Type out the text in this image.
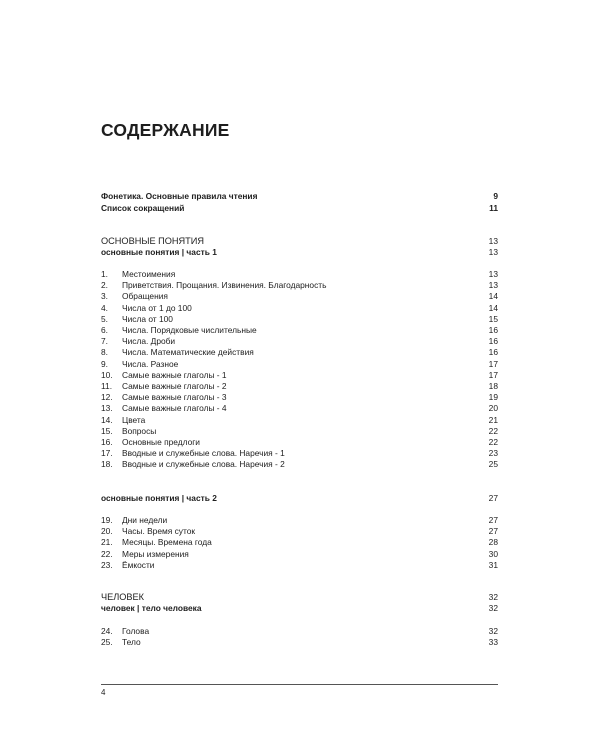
СОДЕРЖАНИЕ
Фонетика. Основные правила чтения	9
Список сокращений	11
ОСНОВНЫЕ ПОНЯТИЯ	13
основные понятия | часть 1	13
1. Местоимения	13
2. Приветствия. Прощания. Извинения. Благодарность	13
3. Обращения	14
4. Числа от 1 до 100	14
5. Числа от 100	15
6. Числа. Порядковые числительные	16
7. Числа. Дроби	16
8. Числа. Математические действия	16
9. Числа. Разное	17
10. Самые важные глаголы - 1	17
11. Самые важные глаголы - 2	18
12. Самые важные глаголы - 3	19
13. Самые важные глаголы - 4	20
14. Цвета	21
15. Вопросы	22
16. Основные предлоги	22
17. Вводные и служебные слова. Наречия - 1	23
18. Вводные и служебные слова. Наречия - 2	25
основные понятия | часть 2	27
19. Дни недели	27
20. Часы. Время суток	27
21. Месяцы. Времена года	28
22. Меры измерения	30
23. Ёмкости	31
ЧЕЛОВЕК	32
человек | тело человека	32
24. Голова	32
25. Тело	33
4
